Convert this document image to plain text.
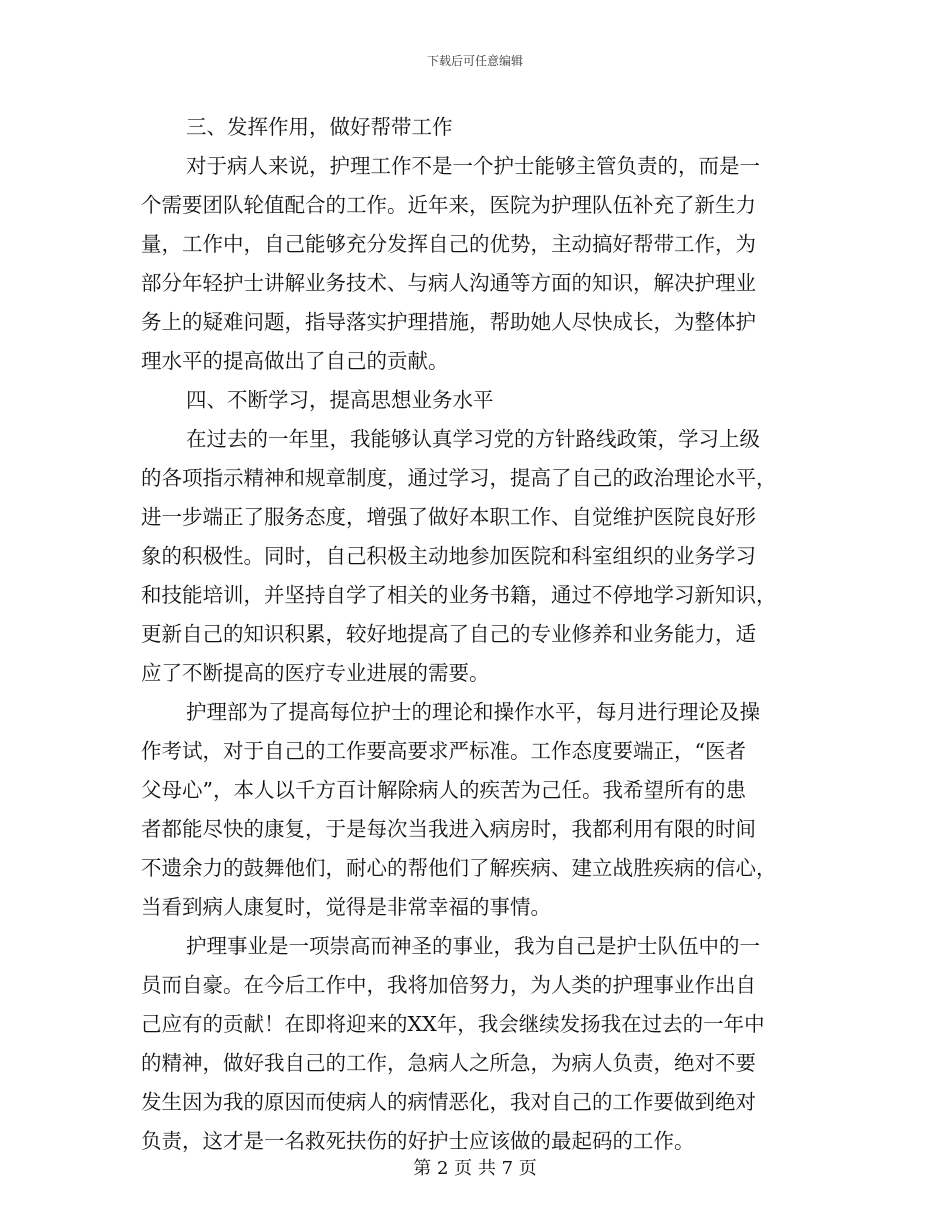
下载后可任意编辑
三、发挥作用，做好帮带工作
对于病人来说，护理工作不是一个护士能够主管负责的，而是一
个需要团队轮值配合的工作。近年来，医院为护理队伍补充了新生力
量，工作中，自己能够充分发挥自己的优势，主动搞好帮带工作，为
部分年轻护士讲解业务技术、与病人沟通等方面的知识，解决护理业
务上的疑难问题，指导落实护理措施，帮助她人尽快成长，为整体护
理水平的提高做出了自己的贡献。
四、不断学习，提高思想业务水平
在过去的一年里，我能够认真学习党的方针路线政策，学习上级
的各项指示精神和规章制度，通过学习，提高了自己的政治理论水平，
进一步端正了服务态度，增强了做好本职工作、自觉维护医院良好形
象的积极性。同时，自己积极主动地参加医院和科室组织的业务学习
和技能培训，并坚持自学了相关的业务书籍，通过不停地学习新知识，
更新自己的知识积累，较好地提高了自己的专业修养和业务能力，适
应了不断提高的医疗专业进展的需要。
护理部为了提高每位护士的理论和操作水平，每月进行理论及操
作考试，对于自己的工作要高要求严标准。工作态度要端正，“医者
父母心”，本人以千方百计解除病人的疾苦为己任。我希望所有的患
者都能尽快的康复，于是每次当我进入病房时，我都利用有限的时间
不遗余力的鼓舞他们，耐心的帮他们了解疾病、建立战胜疾病的信心，
当看到病人康复时，觉得是非常幸福的事情。
护理事业是一项崇高而神圣的事业，我为自己是护士队伍中的一
员而自豪。在今后工作中，我将加倍努力，为人类的护理事业作出自
己应有的贡献！在即将迎来的XX年，我会继续发扬我在过去的一年中
的精神，做好我自己的工作，急病人之所急，为病人负责，绝对不要
发生因为我的原因而使病人的病情恶化，我对自己的工作要做到绝对
负责，这才是一名救死扶伤的好护士应该做的最起码的工作。
第 2 页 共 7 页
